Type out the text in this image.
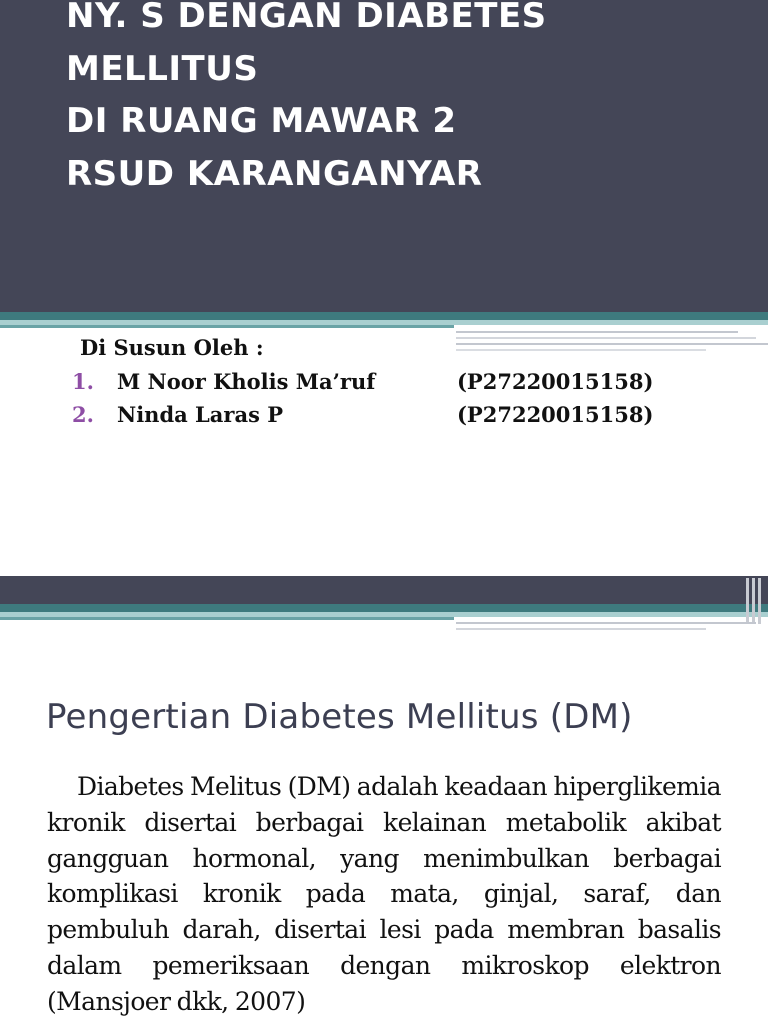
NY. S DENGAN DIABETES
MELLITUS
DI RUANG MAWAR 2
RSUD KARANGANYAR
Di Susun Oleh :
1. M Noor Kholis Ma’ruf	(P27220015158)
2. Ninda Laras P	(P27220015158)
Pengertian Diabetes Mellitus (DM)

Diabetes Melitus (DM) adalah keadaan hiperglikemia kronik disertai berbagai kelainan metabolik akibat gangguan hormonal, yang menimbulkan berbagai komplikasi kronik pada mata, ginjal, saraf, dan pembuluh darah, disertai lesi pada membran basalis dalam pemeriksaan dengan mikroskop elektron (Mansjoer dkk, 2007)
